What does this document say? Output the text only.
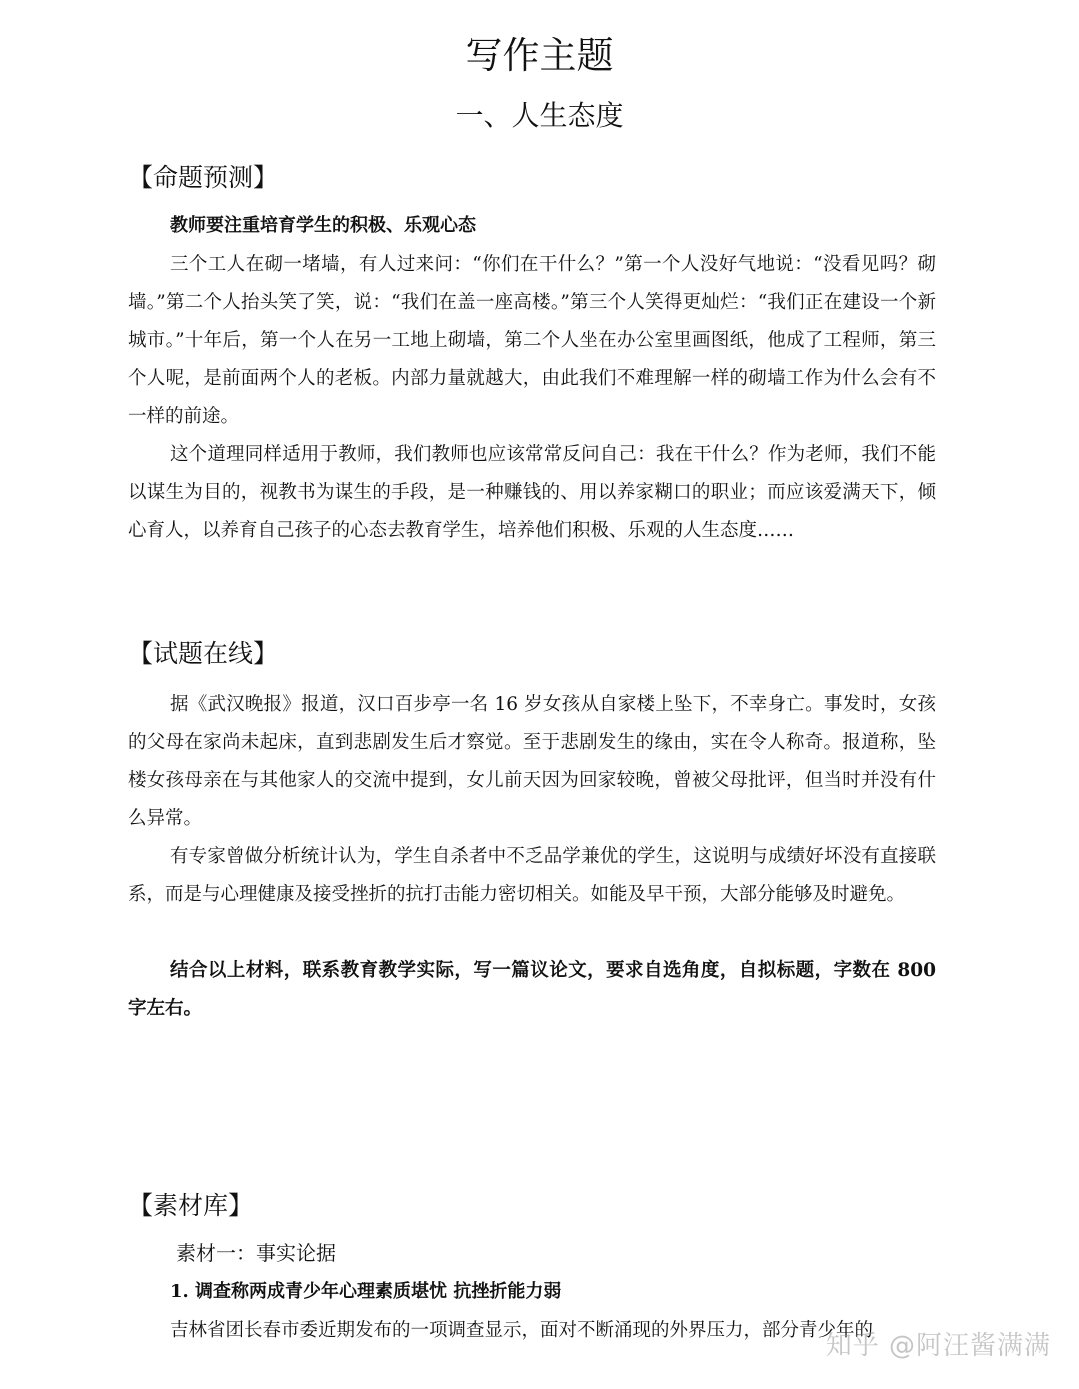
写作主题
一、人生态度
【命题预测】
教师要注重培育学生的积极、乐观心态

三个工人在砌一堵墙，有人过来问：“你们在干什么？”第一个人没好气地说：“没看见吗？砌墙。”第二个人抬头笑了笑，说：“我们在盖一座高楼。”第三个人笑得更灿烂：“我们正在建设一个新城市。”十年后，第一个人在另一工地上砌墙，第二个人坐在办公室里画图纸，他成了工程师，第三个人呢，是前面两个人的老板。内部力量就越大，由此我们不难理解一样的砌墙工作为什么会有不一样的前途。

这个道理同样适用于教师，我们教师也应该常常反问自己：我在干什么？作为老师，我们不能以谋生为目的，视教书为谋生的手段，是一种赚钱的、用以养家糊口的职业；而应该爱满天下，倾心育人，以养育自己孩子的心态去教育学生，培养他们积极、乐观的人生态度……

【试题在线】

据《武汉晚报》报道，汉口百步亭一名 16 岁女孩从自家楼上坠下，不幸身亡。事发时，女孩的父母在家尚未起床，直到悲剧发生后才察觉。至于悲剧发生的缘由，实在令人称奇。报道称，坠楼女孩母亲在与其他家人的交流中提到，女儿前天因为回家较晚，曾被父母批评，但当时并没有什么异常。

有专家曾做分析统计认为，学生自杀者中不乏品学兼优的学生，这说明与成绩好坏没有直接联系，而是与心理健康及接受挫折的抗打击能力密切相关。如能及早干预，大部分能够及时避免。

结合以上材料，联系教育教学实际，写一篇议论文，要求自选角度，自拟标题，字数在 800 字左右。

【素材库】
素材一：事实论据
1. 调查称两成青少年心理素质堪忧 抗挫折能力弱

吉林省团长春市委近期发布的一项调查显示，面对不断涌现的外界压力，部分青少年的

知乎 @阿汪酱满满
